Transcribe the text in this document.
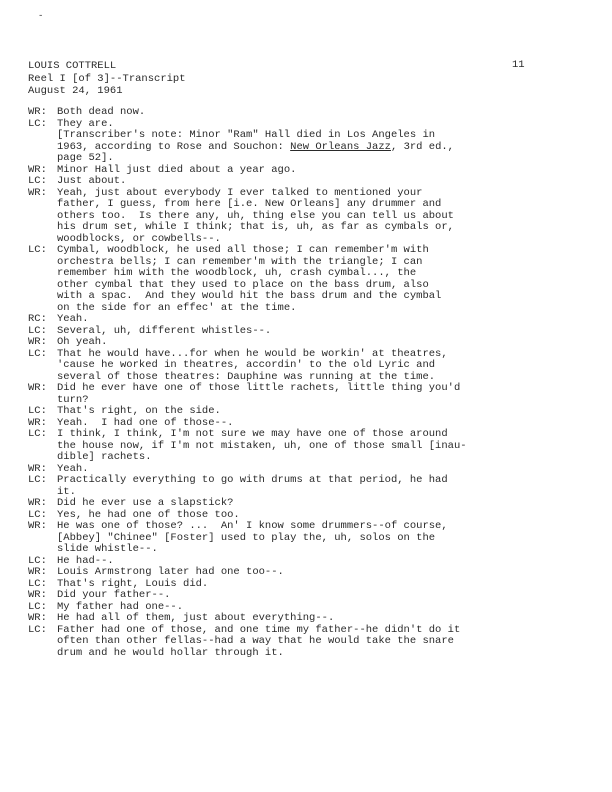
-
11
LOUIS COTTRELL
Reel I [of 3]--Transcript
August 24, 1961
WR: Both dead now.
LC: They are.
[Transcriber's note: Minor "Ram" Hall died in Los Angeles in
1963, according to Rose and Souchon: New Orleans Jazz, 3rd ed.,
page 52].
WR: Minor Hall just died about a year ago.
LC: Just about.
WR: Yeah, just about everybody I ever talked to mentioned your
father, I guess, from here [i.e. New Orleans] any drummer and
others too.  Is there any, uh, thing else you can tell us about
his drum set, while I think; that is, uh, as far as cymbals or,
woodblocks, or cowbells--.
LC: Cymbal, woodblock, he used all those; I can remember'm with
orchestra bells; I can remember'm with the triangle; I can
remember him with the woodblock, uh, crash cymbal..., the
other cymbal that they used to place on the bass drum, also
with a spac.  And they would hit the bass drum and the cymbal
on the side for an effec' at the time.
RC: Yeah.
LC: Several, uh, different whistles--.
WR: Oh yeah.
LC: That he would have...for when he would be workin' at theatres,
'cause he worked in theatres, accordin' to the old Lyric and
several of those theatres: Dauphine was running at the time.
WR: Did he ever have one of those little rachets, little thing you'd
turn?
LC: That's right, on the side.
WR: Yeah.  I had one of those--.
LC: I think, I think, I'm not sure we may have one of those around
the house now, if I'm not mistaken, uh, one of those small [inau-
dible] rachets.
WR: Yeah.
LC: Practically everything to go with drums at that period, he had
it.
WR: Did he ever use a slapstick?
LC: Yes, he had one of those too.
WR: He was one of those? ...  An' I know some drummers--of course,
[Abbey] "Chinee" [Foster] used to play the, uh, solos on the
slide whistle--.
LC: He had--.
WR: Louis Armstrong later had one too--.
LC: That's right, Louis did.
WR: Did your father--.
LC: My father had one--.
WR: He had all of them, just about everything--.
LC: Father had one of those, and one time my father--he didn't do it
often than other fellas--had a way that he would take the snare
drum and he would hollar through it.
